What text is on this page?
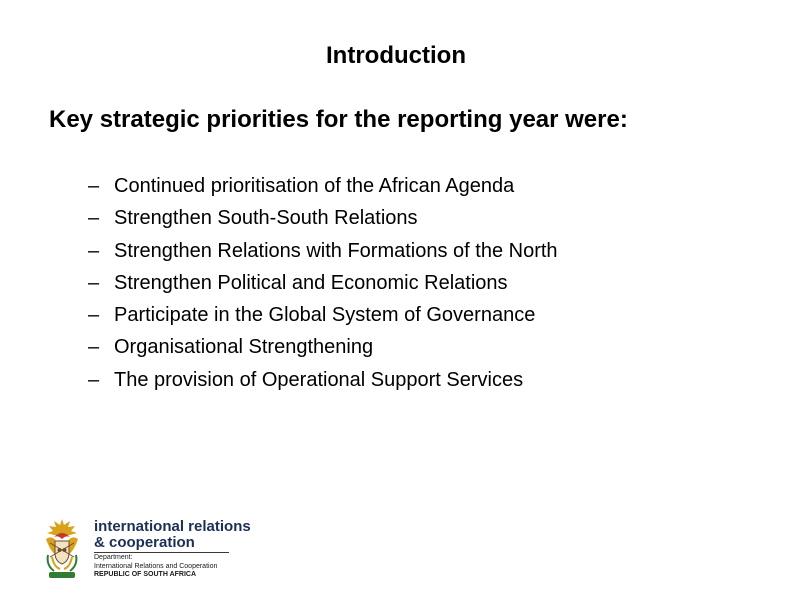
Introduction
Key strategic priorities for the reporting year were:
– Continued prioritisation of the African Agenda
– Strengthen South-South Relations
– Strengthen Relations with Formations of the North
– Strengthen Political and Economic Relations
– Participate in the Global System of Governance
– Organisational Strengthening
– The provision of Operational Support Services
international relations
& cooperation
Department:
International Relations and Cooperation
REPUBLIC OF SOUTH AFRICA
